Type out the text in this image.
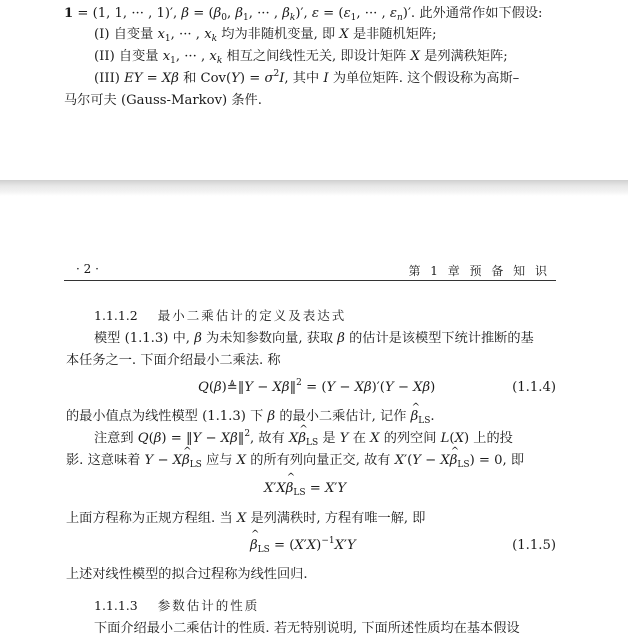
1 = (1, 1, ··· , 1)′, $\beta = (\beta_0$, $\beta_1$, ··· , $\beta_k)'$, $\varepsilon = (\varepsilon_1$, ··· , $\varepsilon_n)'$. 此外通常作如下假设:
(I) 自变量 $x_1$, ··· , $x_k$ 均为非随机变量, 即 X 是非随机矩阵;
(II) 自变量 $x_1$, ··· , $x_k$ 相互之间线性无关, 即设计矩阵 X 是列满秩矩阵;
(III) EY = Xβ 和 $Cov(Y) = \sigma^2I$, 其中 I 为单位矩阵. 这个假设称为高斯–
马尔可夫 (Gauss-Markov) 条件.
· 2 ·	第 1 章 预 备 知 识
1.1.1.2 最小二乘估计的定义及表达式
模型 (1.1.3) 中, β 为未知参数向量, 获取 β 的估计是该模型下统计推断的基
本任务之一. 下面介绍最小二乘法. 称
Q(β)≜‖Y − Xβ‖$^2$ = (Y − Xβ)′(Y − Xβ)	(1.1.4)
的最小值点为线性模型 (1.1.3) 下 β 的最小二乘估计, 记作 ^ $\beta_{LS}$.
注意到 Q(β) = ‖Y − Xβ‖$^2$, 故有 X^ $\beta_{LS}$ 是 Y 在 X 的列空间 L(X) 上的投
影. 这意味着 Y − X^ $\beta_{LS}$ 应与 X 的所有列向量正交, 故有 X′(Y − X^ $\beta_{LS}) = 0$, 即
X′X^ $\beta_{LS} = X'Y$
上面方程称为正规方程组. 当 X 是列满秩时, 方程有唯一解, 即
^ $\beta_{LS} = (X'X)^{-1}X'Y$	(1.1.5)
上述对线性模型的拟合过程称为线性回归.
1.1.1.3 参数估计的性质
下面介绍最小二乘估计的性质. 若无特别说明, 下面所述性质均在基本假设
